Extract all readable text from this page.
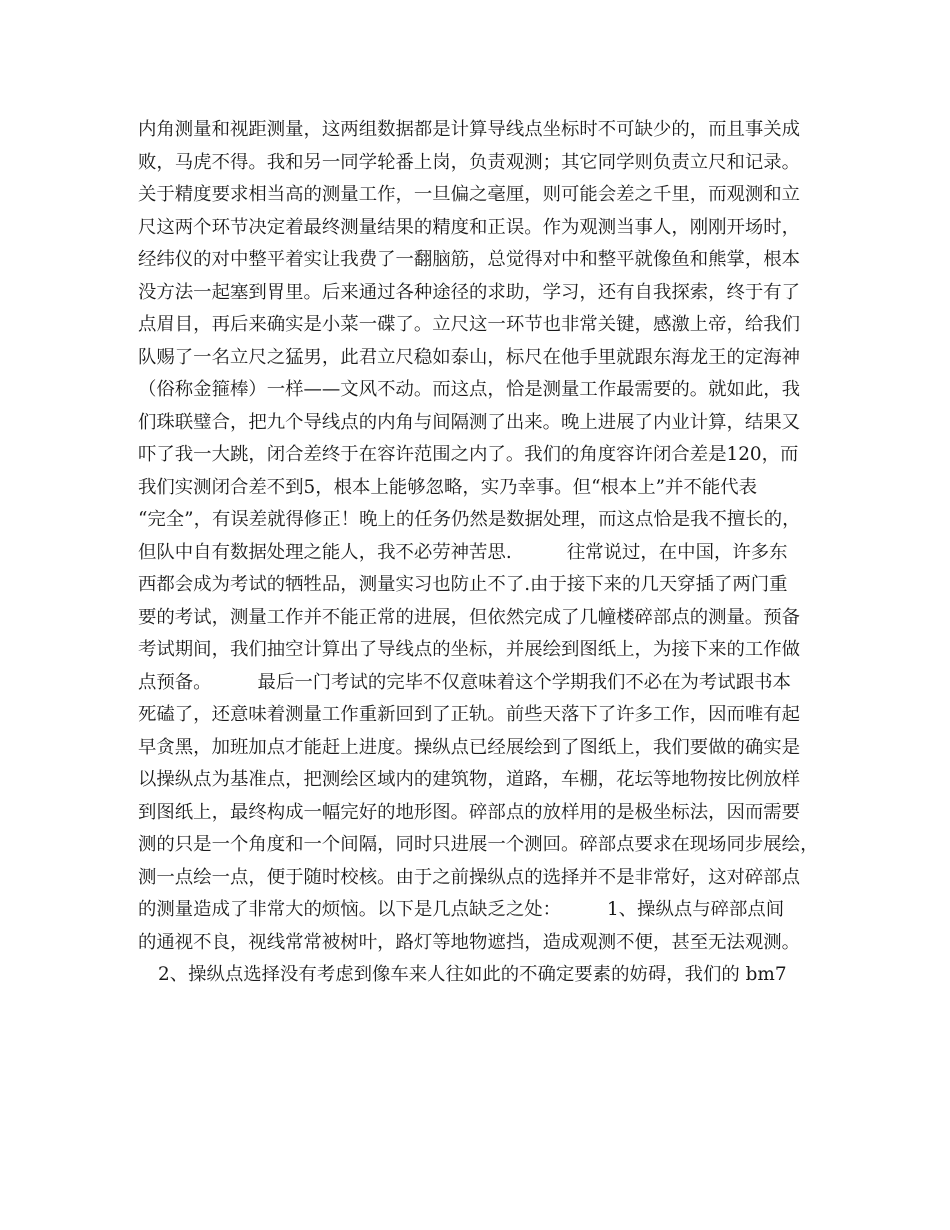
内角测量和视距测量，这两组数据都是计算导线点坐标时不可缺少的，而且事关成
败，马虎不得。我和另一同学轮番上岗，负责观测；其它同学则负责立尺和记录。
关于精度要求相当高的测量工作，一旦偏之毫厘，则可能会差之千里，而观测和立
尺这两个环节决定着最终测量结果的精度和正误。作为观测当事人，刚刚开场时，
经纬仪的对中整平着实让我费了一翻脑筋，总觉得对中和整平就像鱼和熊掌，根本
没方法一起塞到胃里。后来通过各种途径的求助，学习，还有自我探索，终于有了
点眉目，再后来确实是小菜一碟了。立尺这一环节也非常关键，感激上帝，给我们
队赐了一名立尺之猛男，此君立尺稳如泰山，标尺在他手里就跟东海龙王的定海神
（俗称金箍棒）一样——文风不动。而这点，恰是测量工作最需要的。就如此，我
们珠联璧合，把九个导线点的内角与间隔测了出来。晚上进展了内业计算，结果又
吓了我一大跳，闭合差终于在容许范围之内了。我们的角度容许闭合差是120，而
我们实测闭合差不到5，根本上能够忽略，实乃幸事。但“根本上”并不能代表
“完全”，有误差就得修正！晚上的任务仍然是数据处理，而这点恰是我不擅长的，
但队中自有数据处理之能人，我不必劳神苦思.　　　往常说过，在中国，许多东
西都会成为考试的牺牲品，测量实习也防止不了.由于接下来的几天穿插了两门重
要的考试，测量工作并不能正常的进展，但依然完成了几幢楼碎部点的测量。预备
考试期间，我们抽空计算出了导线点的坐标，并展绘到图纸上，为接下来的工作做
点预备。　　　最后一门考试的完毕不仅意味着这个学期我们不必在为考试跟书本
死磕了，还意味着测量工作重新回到了正轨。前些天落下了许多工作，因而唯有起
早贪黑，加班加点才能赶上进度。操纵点已经展绘到了图纸上，我们要做的确实是
以操纵点为基准点，把测绘区域内的建筑物，道路，车棚，花坛等地物按比例放样
到图纸上，最终构成一幅完好的地形图。碎部点的放样用的是极坐标法，因而需要
测的只是一个角度和一个间隔，同时只进展一个测回。碎部点要求在现场同步展绘，
测一点绘一点，便于随时校核。由于之前操纵点的选择并不是非常好，这对碎部点
的测量造成了非常大的烦恼。以下是几点缺乏之处：　　　1、操纵点与碎部点间
的通视不良，视线常常被树叶，路灯等地物遮挡，造成观测不便，甚至无法观测。
2、操纵点选择没有考虑到像车来人往如此的不确定要素的妨碍，我们的 bm7
